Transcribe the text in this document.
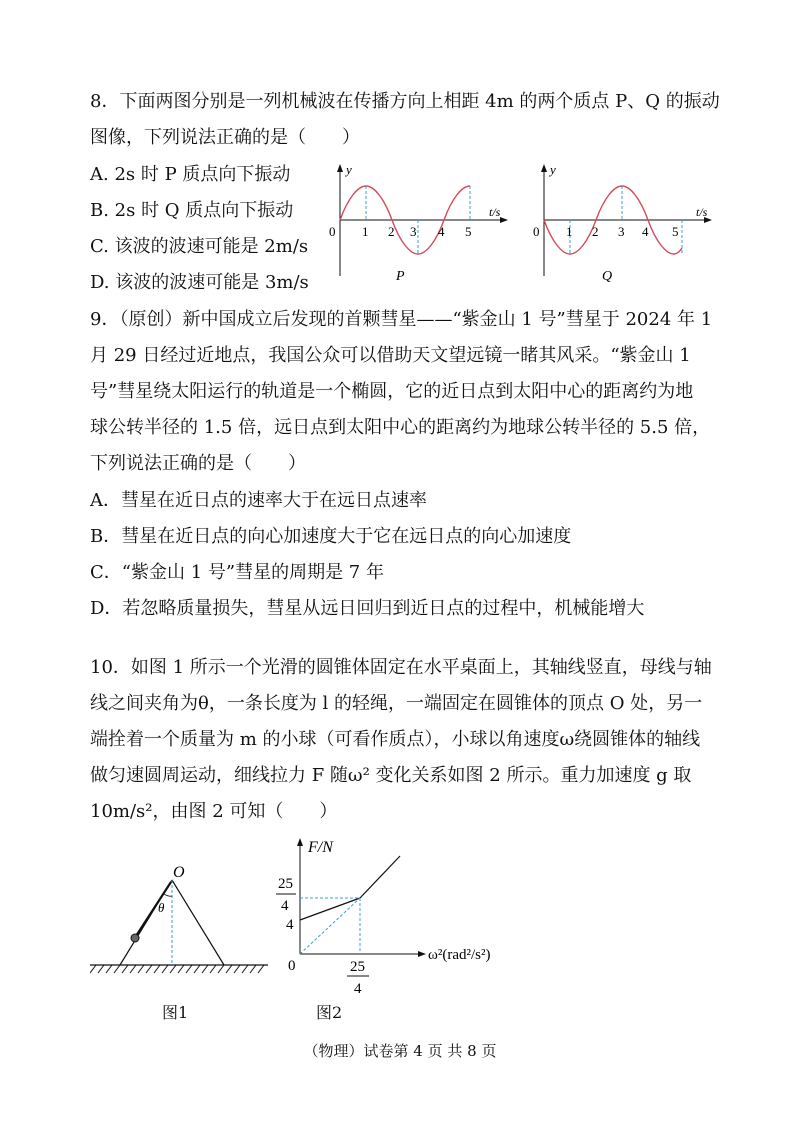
8．下面两图分别是一列机械波在传播方向上相距 4m 的两个质点 P、Q 的振动
图像，下列说法正确的是（　　）
A. 2s 时 P 质点向下振动
B. 2s 时 Q 质点向下振动
C. 该波的波速可能是 2m/s
D. 该波的波速可能是 3m/s
y
t/s
0 1 2 3 4 5
P
y
t/s
0 1 2 3 4 5
Q
9．（原创）新中国成立后发现的首颗彗星——“紫金山 1 号”彗星于 2024 年 1
月 29 日经过近地点，我国公众可以借助天文望远镜一睹其风采。“紫金山 1
号”彗星绕太阳运行的轨道是一个椭圆，它的近日点到太阳中心的距离约为地
球公转半径的 1.5 倍，远日点到太阳中心的距离约为地球公转半径的 5.5 倍，
下列说法正确的是（　　）
A．彗星在近日点的速率大于在远日点速率
B．彗星在近日点的向心加速度大于它在远日点的向心加速度
C．“紫金山 1 号”彗星的周期是 7 年
D．若忽略质量损失，彗星从远日回归到近日点的过程中，机械能增大
10．如图 1 所示一个光滑的圆锥体固定在水平桌面上，其轴线竖直，母线与轴
线之间夹角为θ，一条长度为 l 的轻绳，一端固定在圆锥体的顶点 O 处，另一
端拴着一个质量为 m 的小球（可看作质点），小球以角速度ω绕圆锥体的轴线
做匀速圆周运动，细线拉力 F 随ω² 变化关系如图 2 所示。重力加速度 g 取
10m/s²，由图 2 可知（　　）
O
θ
图1
F/N
25
4
4
0	25
4
ω²(rad²/s²)
图2
（物理）试卷第 4 页 共 8 页
